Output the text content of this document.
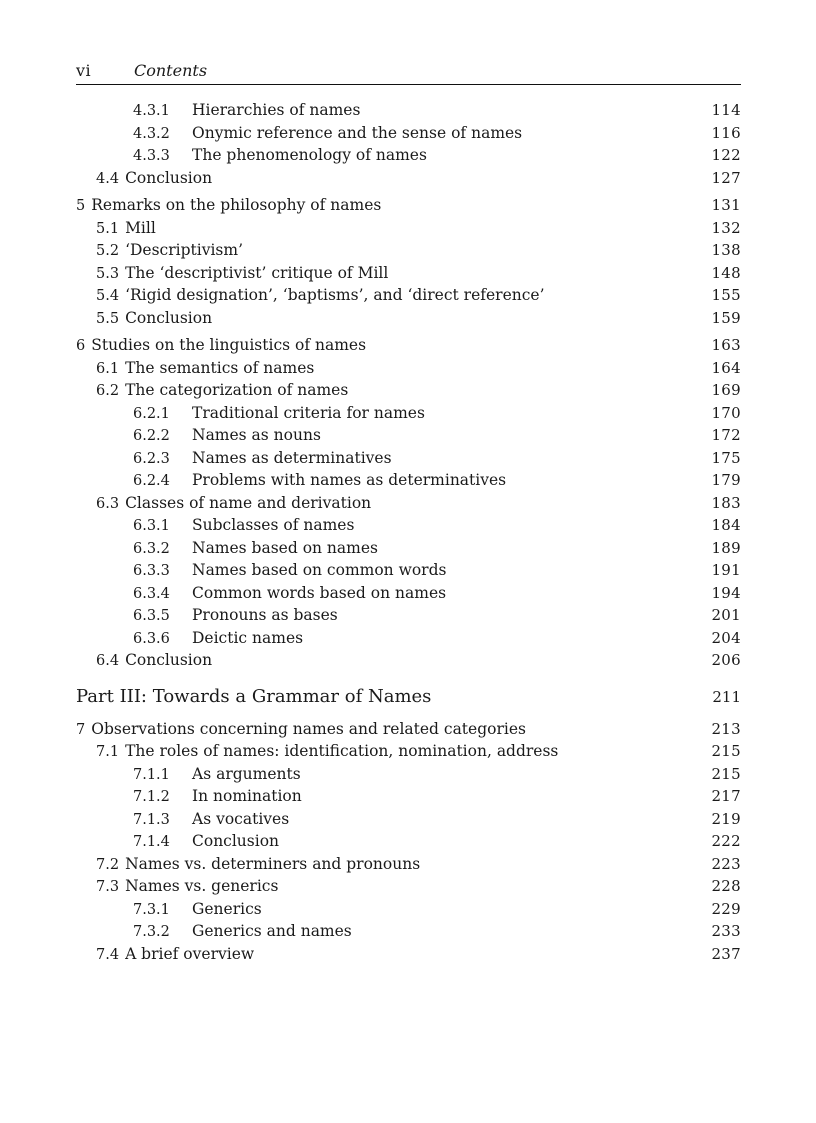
vi	Contents
4.3.1 Hierarchies of names	114
4.3.2 Onymic reference and the sense of names	116
4.3.3 The phenomenology of names	122
4.4 Conclusion	127
5 Remarks on the philosophy of names	131
5.1 Mill	132
5.2 ‘Descriptivism’	138
5.3 The ‘descriptivist’ critique of Mill	148
5.4 ‘Rigid designation’, ‘baptisms’, and ‘direct reference’	155
5.5 Conclusion	159
6 Studies on the linguistics of names	163
6.1 The semantics of names	164
6.2 The categorization of names	169
6.2.1 Traditional criteria for names	170
6.2.2 Names as nouns	172
6.2.3 Names as determinatives	175
6.2.4 Problems with names as determinatives	179
6.3 Classes of name and derivation	183
6.3.1 Subclasses of names	184
6.3.2 Names based on names	189
6.3.3 Names based on common words	191
6.3.4 Common words based on names	194
6.3.5 Pronouns as bases	201
6.3.6 Deictic names	204
6.4 Conclusion	206
Part III: Towards a Grammar of Names	211
7 Observations concerning names and related categories	213
7.1 The roles of names: identification, nomination, address	215
7.1.1 As arguments	215
7.1.2 In nomination	217
7.1.3 As vocatives	219
7.1.4 Conclusion	222
7.2 Names vs. determiners and pronouns	223
7.3 Names vs. generics	228
7.3.1 Generics	229
7.3.2 Generics and names	233
7.4 A brief overview	237
